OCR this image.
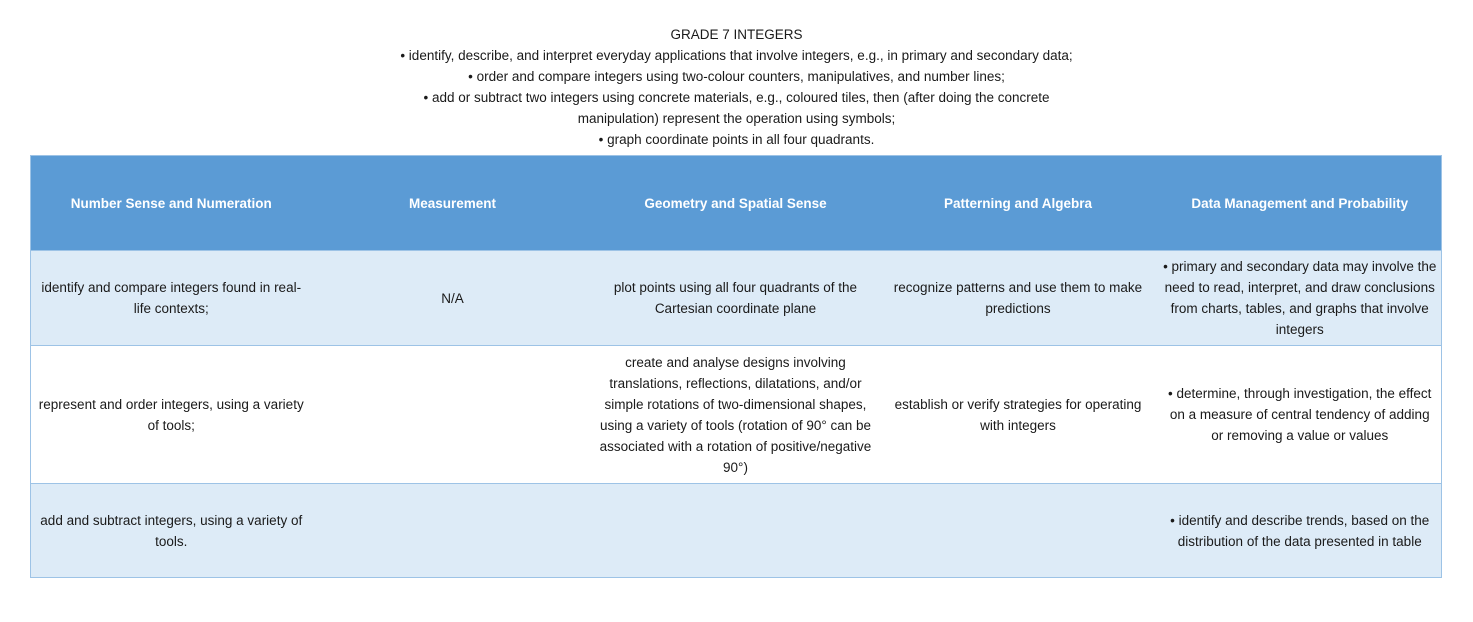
GRADE 7 INTEGERS
• identify, describe, and interpret everyday applications that involve integers, e.g., in primary and secondary data;
• order and compare integers using two-colour counters, manipulatives, and number lines;
• add or subtract two integers using concrete materials, e.g., coloured tiles, then (after doing the concrete
manipulation) represent the operation using symbols;
• graph coordinate points in all four quadrants.
Number Sense and Numeration	Measurement	Geometry and Spatial Sense	Patterning and Algebra	Data Management and Probability
identify and compare integers found in real-life contexts;	N/A	plot points using all four quadrants of the Cartesian coordinate plane	recognize patterns and use them to make predictions	• primary and secondary data may involve the need to read, interpret, and draw conclusions from charts, tables, and graphs that involve integers
represent and order integers, using a variety of tools;		create and analyse designs involving translations, reflections, dilatations, and/or simple rotations of two-dimensional shapes, using a variety of tools (rotation of 90° can be associated with a rotation of positive/negative 90°)	establish or verify strategies for operating with integers	• determine, through investigation, the effect on a measure of central tendency of adding or removing a value or values
add and subtract integers, using a variety of tools.				• identify and describe trends, based on the distribution of the data presented in table
